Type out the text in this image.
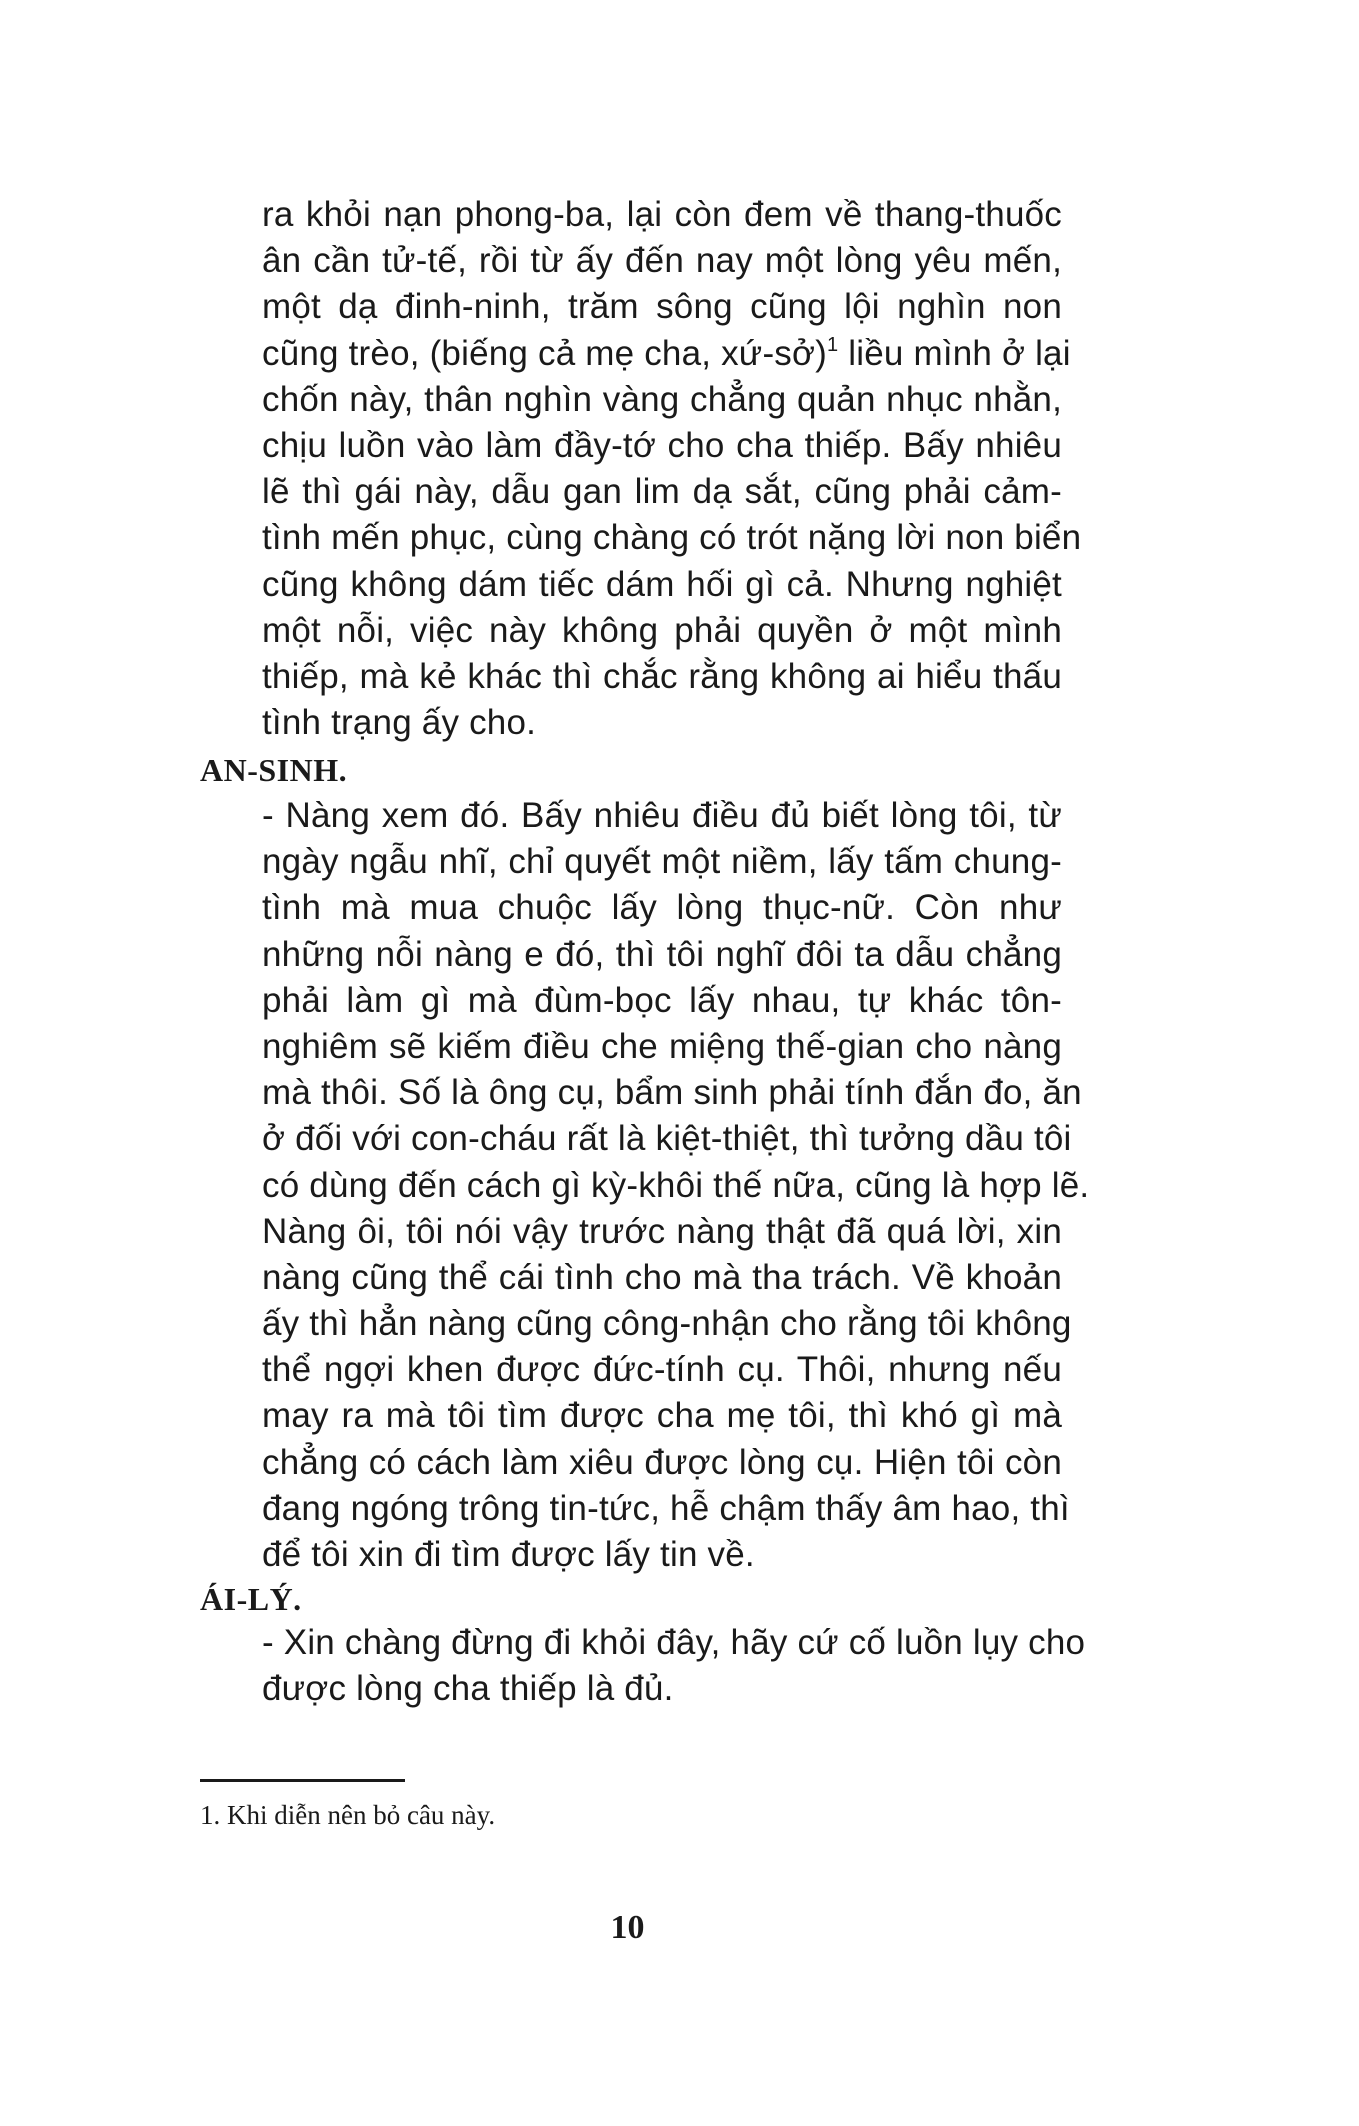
ra khỏi nạn phong-ba, lại còn đem về thang-thuốc
ân cần tử-tế, rồi từ ấy đến nay một lòng yêu mến,
một dạ đinh-ninh, trăm sông cũng lội nghìn non
cũng trèo, (biếng cả mẹ cha, xứ-sở)$^1$ liều mình ở lại
chốn này, thân nghìn vàng chẳng quản nhục nhằn,
chịu luồn vào làm đầy-tớ cho cha thiếp. Bấy nhiêu
lẽ thì gái này, dẫu gan lim dạ sắt, cũng phải cảm-
tình mến phục, cùng chàng có trót nặng lời non biển
cũng không dám tiếc dám hối gì cả. Nhưng nghiệt
một nỗi, việc này không phải quyền ở một mình
thiếp, mà kẻ khác thì chắc rằng không ai hiểu thấu
tình trạng ấy cho.
AN-SINH.
- Nàng xem đó. Bấy nhiêu điều đủ biết lòng tôi, từ
ngày ngẫu nhĩ, chỉ quyết một niềm, lấy tấm chung-
tình mà mua chuộc lấy lòng thục-nữ. Còn như
những nỗi nàng e đó, thì tôi nghĩ đôi ta dẫu chẳng
phải làm gì mà đùm-bọc lấy nhau, tự khác tôn-
nghiêm sẽ kiếm điều che miệng thế-gian cho nàng
mà thôi. Số là ông cụ, bẩm sinh phải tính đắn đo, ăn
ở đối với con-cháu rất là kiệt-thiệt, thì tưởng dầu tôi
có dùng đến cách gì kỳ-khôi thế nữa, cũng là hợp lẽ.
Nàng ôi, tôi nói vậy trước nàng thật đã quá lời, xin
nàng cũng thể cái tình cho mà tha trách. Về khoản
ấy thì hẳn nàng cũng công-nhận cho rằng tôi không
thể ngợi khen được đức-tính cụ. Thôi, nhưng nếu
may ra mà tôi tìm được cha mẹ tôi, thì khó gì mà
chẳng có cách làm xiêu được lòng cụ. Hiện tôi còn
đang ngóng trông tin-tức, hễ chậm thấy âm hao, thì
để tôi xin đi tìm được lấy tin về.
ÁI-LÝ.
- Xin chàng đừng đi khỏi đây, hãy cứ cố luồn lụy cho
được lòng cha thiếp là đủ.
1. Khi diễn nên bỏ câu này.
10
